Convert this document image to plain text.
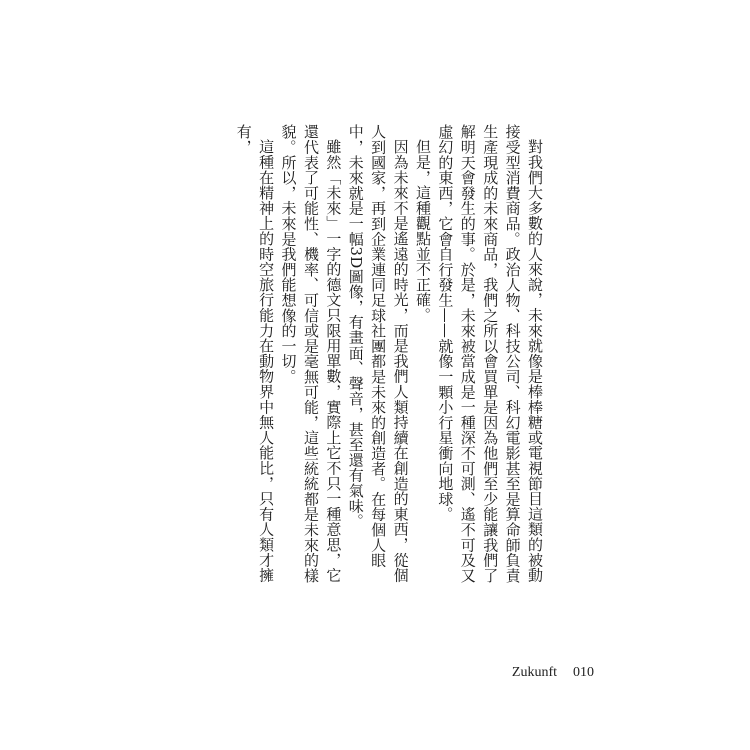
對我們大多數的人來說，未來就像是棒棒糖或電視節目這類的被動接受型消費商品。政治人物、科技公司、科幻電影甚至是算命師負責生產現成的未來商品，我們之所以會買單是因為他們至少能讓我們了解明天會發生的事。於是，未來被當成是一種深不可測、遙不可及又虛幻的東西，它會自行發生——就像一顆小行星衝向地球。

但是，這種觀點並不正確。

因為未來不是遙遠的時光，而是我們人類持續在創造的東西，從個人到國家，再到企業連同足球社團都是未來的創造者。在每個人眼中，未來就是一幅3D圖像，有畫面、聲音，甚至還有氣味。

雖然「未來」一字的德文只限用單數，實際上它不只一種意思，它還代表了可能性、機率、可信或是毫無可能，這些統統都是未來的樣貌。所以，未來是我們能想像的一切。

這種在精神上的時空旅行能力在動物界中無人能比，只有人類才擁有，

Zukunft 010
